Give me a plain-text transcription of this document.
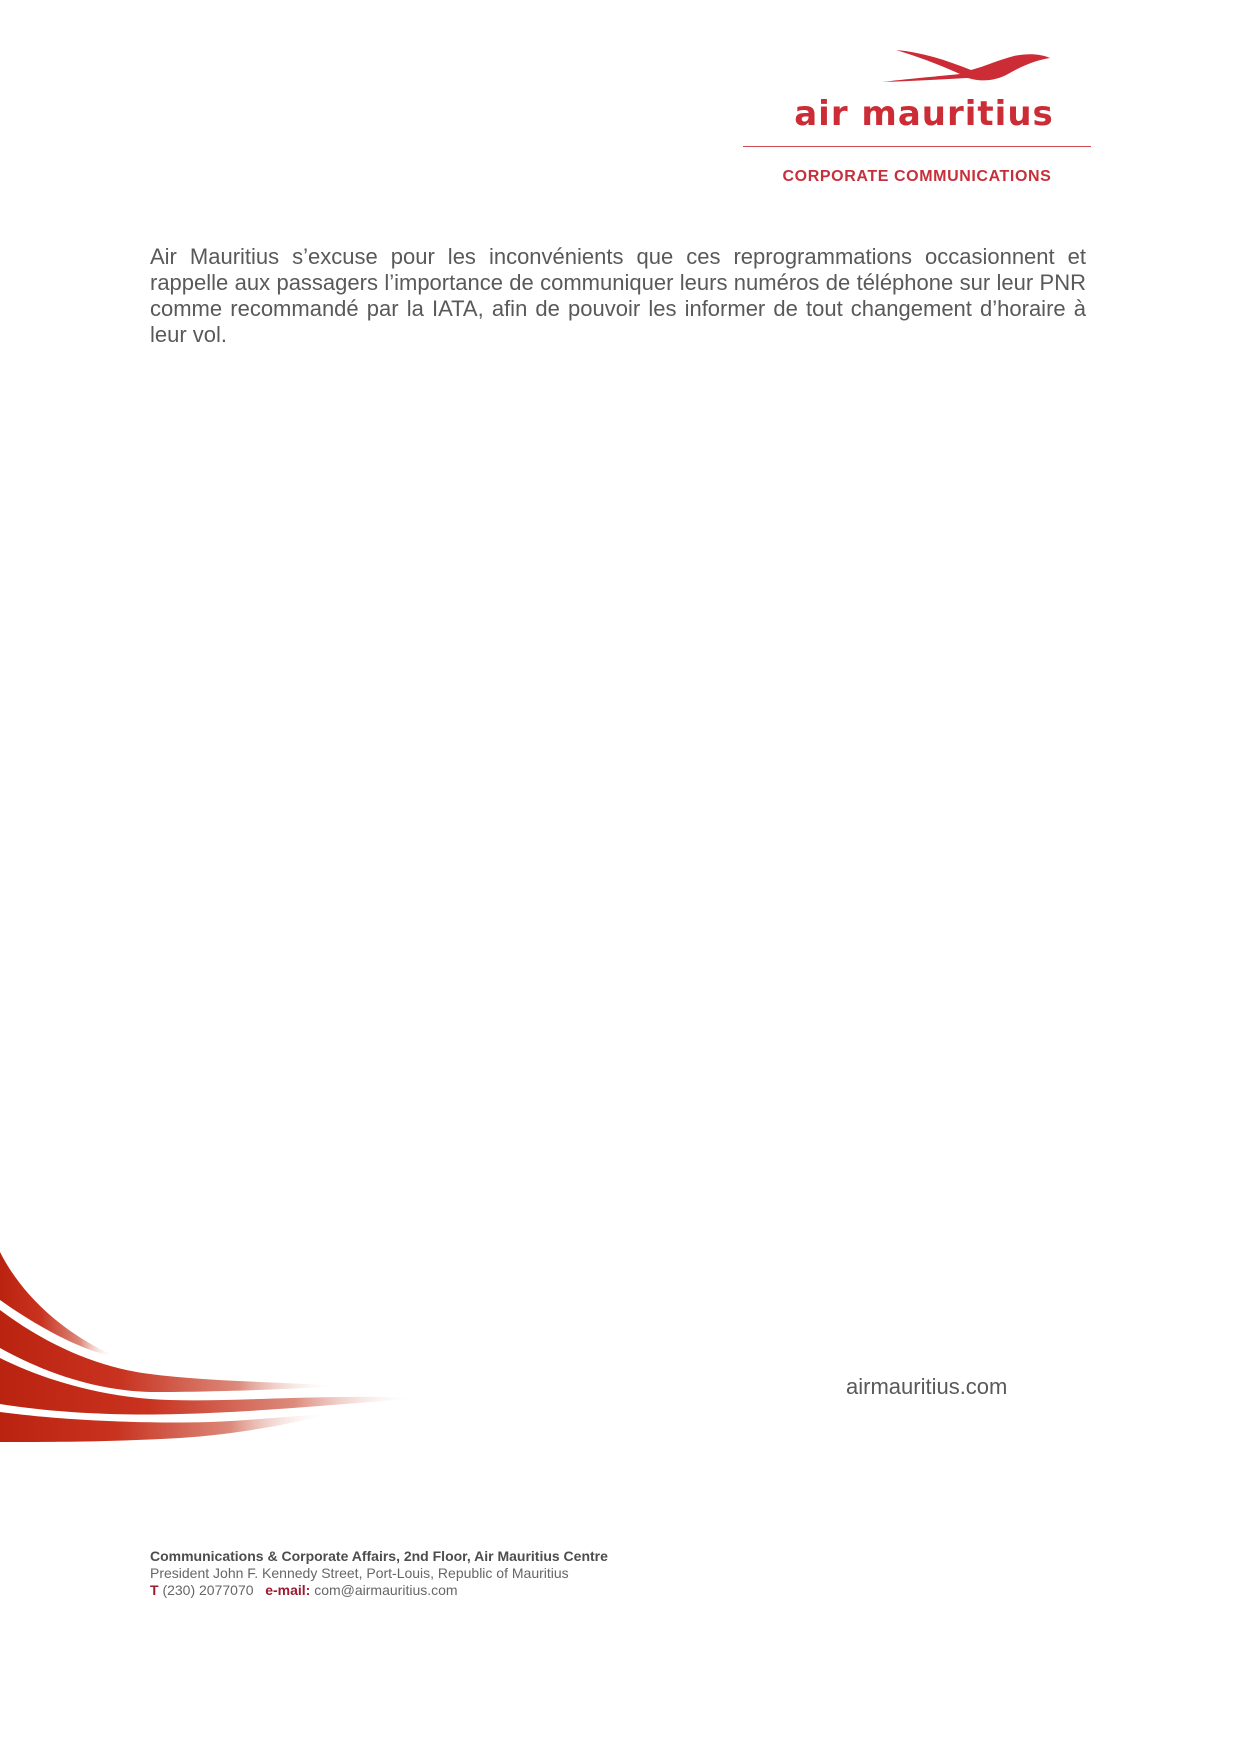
air mauritius

CORPORATE COMMUNICATIONS

Air Mauritius s’excuse pour les inconvénients que ces reprogrammations occasionnent et rappelle aux passagers l’importance de communiquer leurs numéros de téléphone sur leur PNR comme recommandé par la IATA, afin de pouvoir les informer de tout changement d’horaire à leur vol.

airmauritius.com

Communications & Corporate Affairs, 2nd Floor, Air Mauritius Centre

President John F. Kennedy Street, Port-Louis, Republic of Mauritius

T (230) 2077070 e-mail: com@airmauritius.com
